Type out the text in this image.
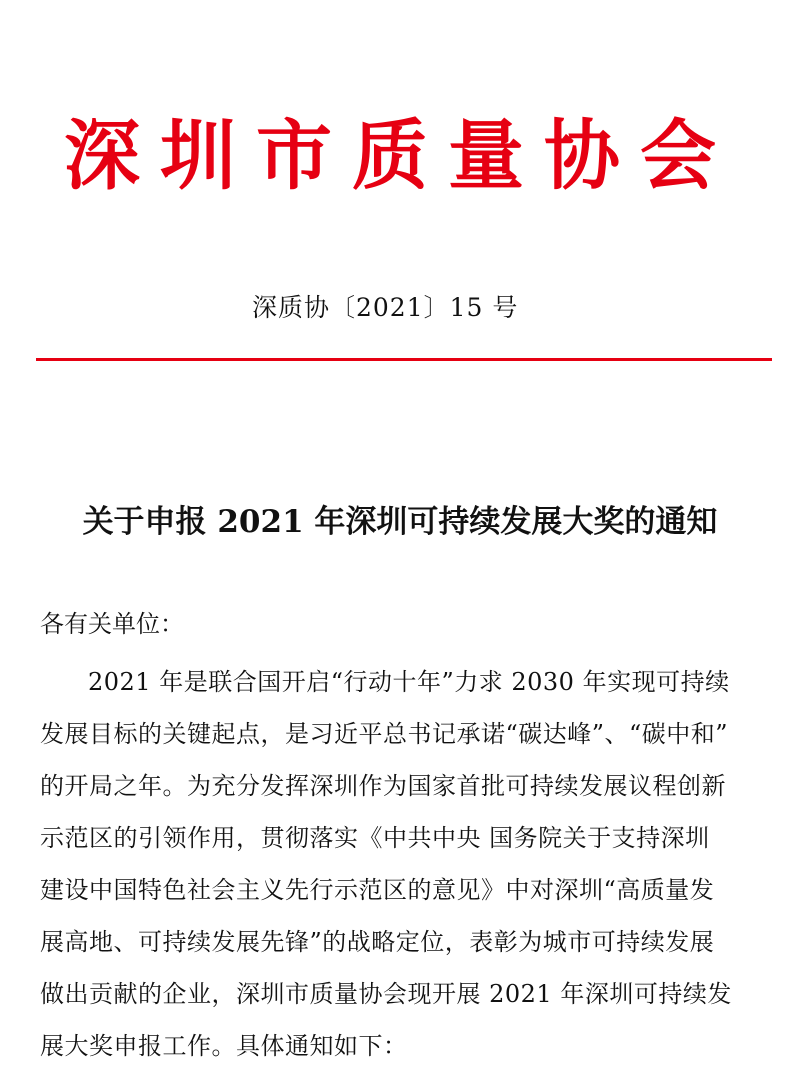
深圳市质量协会
深质协〔2021〕15 号
关于申报 2021 年深圳可持续发展大奖的通知
各有关单位：
2021 年是联合国开启“行动十年”力求 2030 年实现可持续
发展目标的关键起点，是习近平总书记承诺“碳达峰”、“碳中和”
的开局之年。为充分发挥深圳作为国家首批可持续发展议程创新
示范区的引领作用，贯彻落实《中共中央 国务院关于支持深圳
建设中国特色社会主义先行示范区的意见》中对深圳“高质量发
展高地、可持续发展先锋”的战略定位，表彰为城市可持续发展
做出贡献的企业，深圳市质量协会现开展 2021 年深圳可持续发
展大奖申报工作。具体通知如下：
